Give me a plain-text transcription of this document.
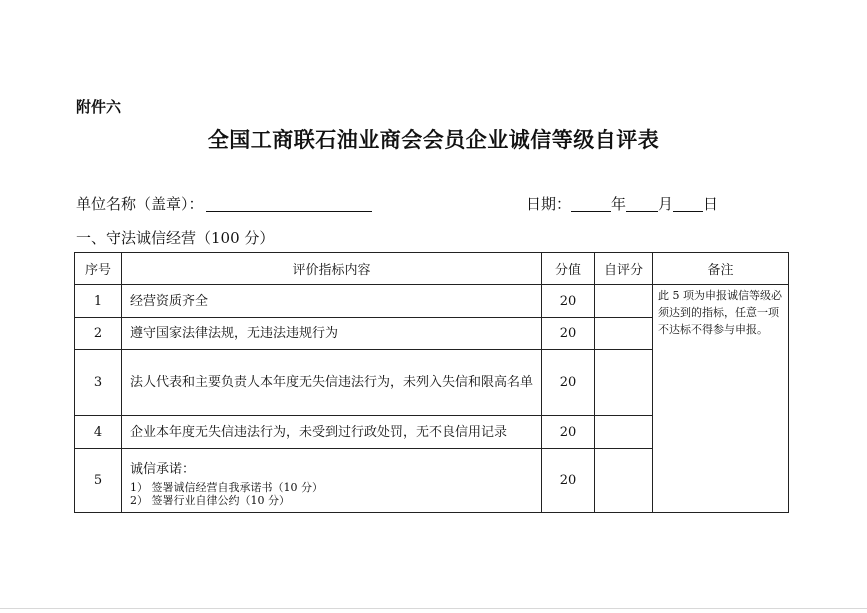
附件六
全国工商联石油业商会会员企业诚信等级自评表
单位名称（盖章）：	日期：	年 月 日
一、守法诚信经营（100 分）
序号	评价指标内容	分值	自评分	备注
1	经营资质齐全	20		此 5 项为申报诚信等级必须达到的指标，任意一项不达标不得参与申报。
2	遵守国家法律法规，无违法违规行为	20		
3	法人代表和主要负责人本年度无失信违法行为，未列入失信和限高名单	20		
4	企业本年度无失信违法行为，未受到过行政处罚，无不良信用记录	20		
5	诚信承诺：
1） 签署诚信经营自我承诺书（10 分）
2） 签署行业自律公约（10 分）	20		
